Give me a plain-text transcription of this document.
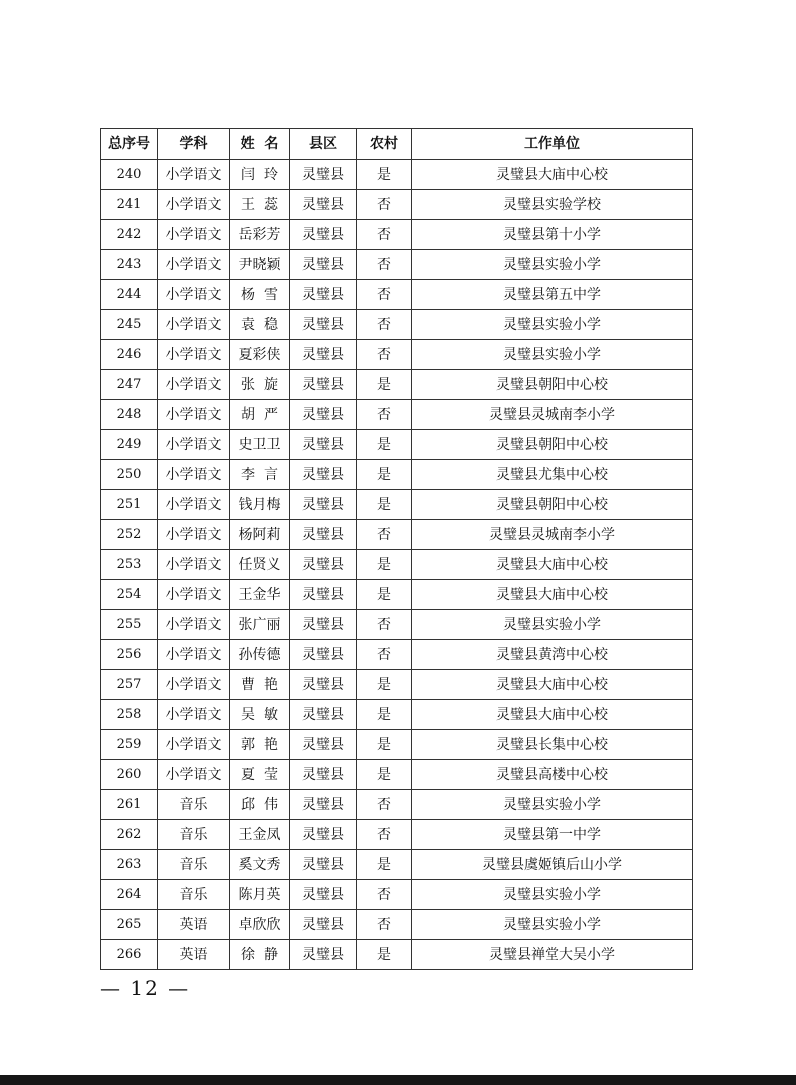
总序号	学科	姓  名	县区	农村	工作单位
240	小学语文	闫  玲	灵璧县	是	灵璧县大庙中心校
241	小学语文	王  蕊	灵璧县	否	灵璧县实验学校
242	小学语文	岳彩芳	灵璧县	否	灵璧县第十小学
243	小学语文	尹晓颖	灵璧县	否	灵璧县实验小学
244	小学语文	杨  雪	灵璧县	否	灵璧县第五中学
245	小学语文	袁  稳	灵璧县	否	灵璧县实验小学
246	小学语文	夏彩侠	灵璧县	否	灵璧县实验小学
247	小学语文	张  旋	灵璧县	是	灵璧县朝阳中心校
248	小学语文	胡  严	灵璧县	否	灵璧县灵城南李小学
249	小学语文	史卫卫	灵璧县	是	灵璧县朝阳中心校
250	小学语文	李  言	灵璧县	是	灵璧县尤集中心校
251	小学语文	钱月梅	灵璧县	是	灵璧县朝阳中心校
252	小学语文	杨阿莉	灵璧县	否	灵璧县灵城南李小学
253	小学语文	任贤义	灵璧县	是	灵璧县大庙中心校
254	小学语文	王金华	灵璧县	是	灵璧县大庙中心校
255	小学语文	张广丽	灵璧县	否	灵璧县实验小学
256	小学语文	孙传德	灵璧县	否	灵璧县黄湾中心校
257	小学语文	曹  艳	灵璧县	是	灵璧县大庙中心校
258	小学语文	吴  敏	灵璧县	是	灵璧县大庙中心校
259	小学语文	郭  艳	灵璧县	是	灵璧县长集中心校
260	小学语文	夏  莹	灵璧县	是	灵璧县高楼中心校
261	音乐	邱  伟	灵璧县	否	灵璧县实验小学
262	音乐	王金凤	灵璧县	否	灵璧县第一中学
263	音乐	奚文秀	灵璧县	是	灵璧县虞姬镇后山小学
264	音乐	陈月英	灵璧县	否	灵璧县实验小学
265	英语	卓欣欣	灵璧县	否	灵璧县实验小学
266	英语	徐  静	灵璧县	是	灵璧县禅堂大吴小学
— 12 —
